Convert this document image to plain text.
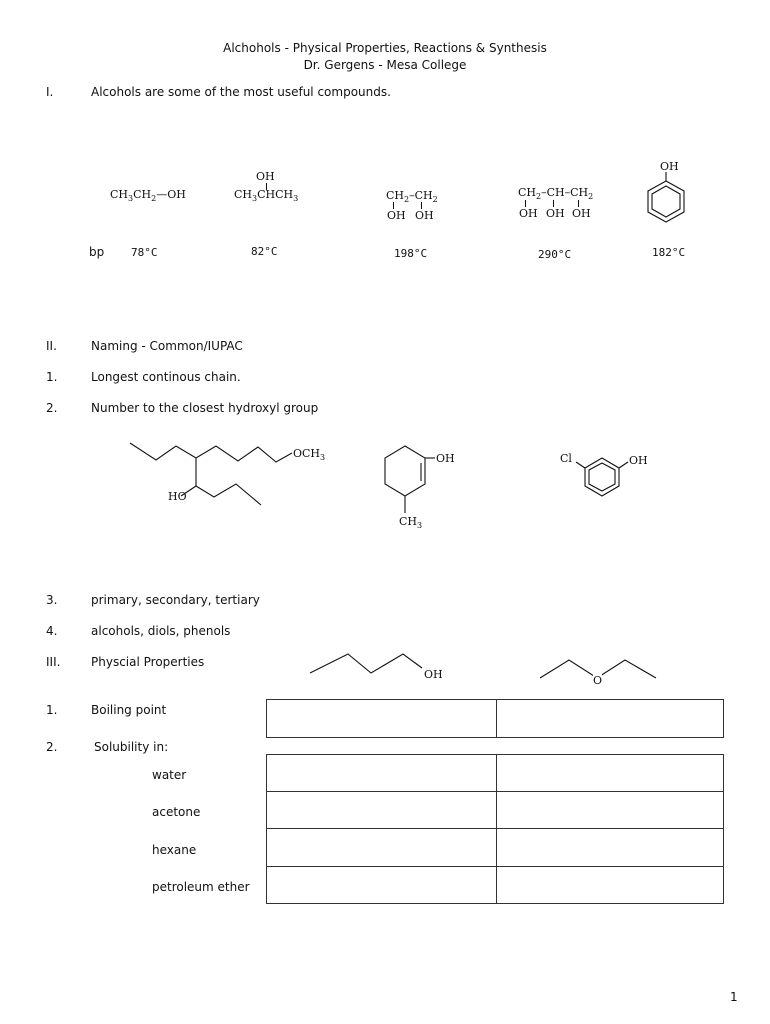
Alchohols - Physical Properties, Reactions & Synthesis
Dr. Gergens - Mesa College
I.	Alcohols are some of the most useful compounds.
$CH_3CH_2—OH$
OH
$CH_3CHCH_3$	$CH_2-CH_2$
OH OH
$CH_2-CH-CH_2$
OH OH OH
OH
bp 78°C	82°C	198°C	290°C	182°C
II.	Naming - Common/IUPAC
1.	Longest continous chain.
2.	Number to the closest hydroxyl group
$OCH_3$
HO
OH
$CH_3$
Cl	OH
3.	primary, secondary, tertiary
4.	alcohols, diols, phenols
III.	Physcial Properties
OH	O
1.	Boiling point
2.	Solubility in:
water
acetone
hexane
petroleum ether
1
